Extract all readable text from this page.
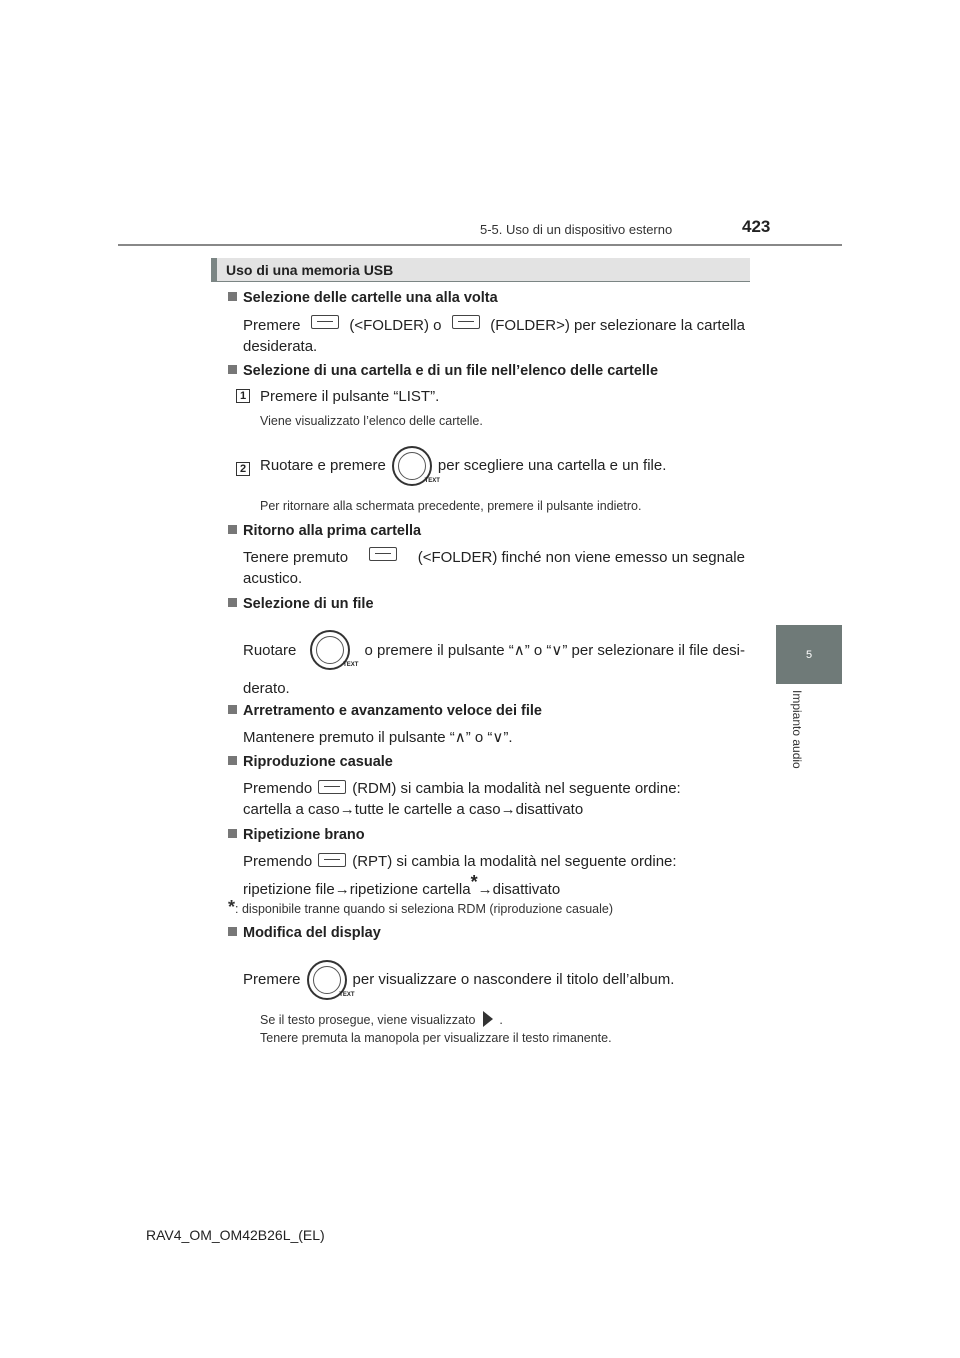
5-5. Uso di un dispositivo esterno	423
5
Impianto audio
Uso di una memoria USB
Selezione delle cartelle una alla volta
Premere	(<FOLDER) o	(FOLDER>) per selezionare la cartella
desiderata.
Selezione di una cartella e di un file nell’elenco delle cartelle
1 Premere il pulsante “LIST”.
Viene visualizzato l’elenco delle cartelle.
2 Ruotare e premere
TEXT
per scegliere una cartella e un file.
Per ritornare alla schermata precedente, premere il pulsante indietro.
Ritorno alla prima cartella
Tenere premuto	(<FOLDER) finché non viene emesso un segnale
acustico.
Selezione di un file
Ruotare
TEXT
o premere il pulsante “∧” o “∨” per selezionare il file desi-
derato.
Arretramento e avanzamento veloce dei file
Mantenere premuto il pulsante “∧” o “∨”.
Riproduzione casuale
Premendo	(RDM) si cambia la modalità nel seguente ordine:
cartella a caso→tutte le cartelle a caso→disattivato
Ripetizione brano
Premendo	(RPT) si cambia la modalità nel seguente ordine:
ripetizione file→ripetizione cartella*→disattivato
*: disponibile tranne quando si seleziona RDM (riproduzione casuale)
Modifica del display
Premere
TEXT
per visualizzare o nascondere il titolo dell’album.
Se il testo prosegue, viene visualizzato .
Tenere premuta la manopola per visualizzare il testo rimanente.
RAV4_OM_OM42B26L_(EL)
